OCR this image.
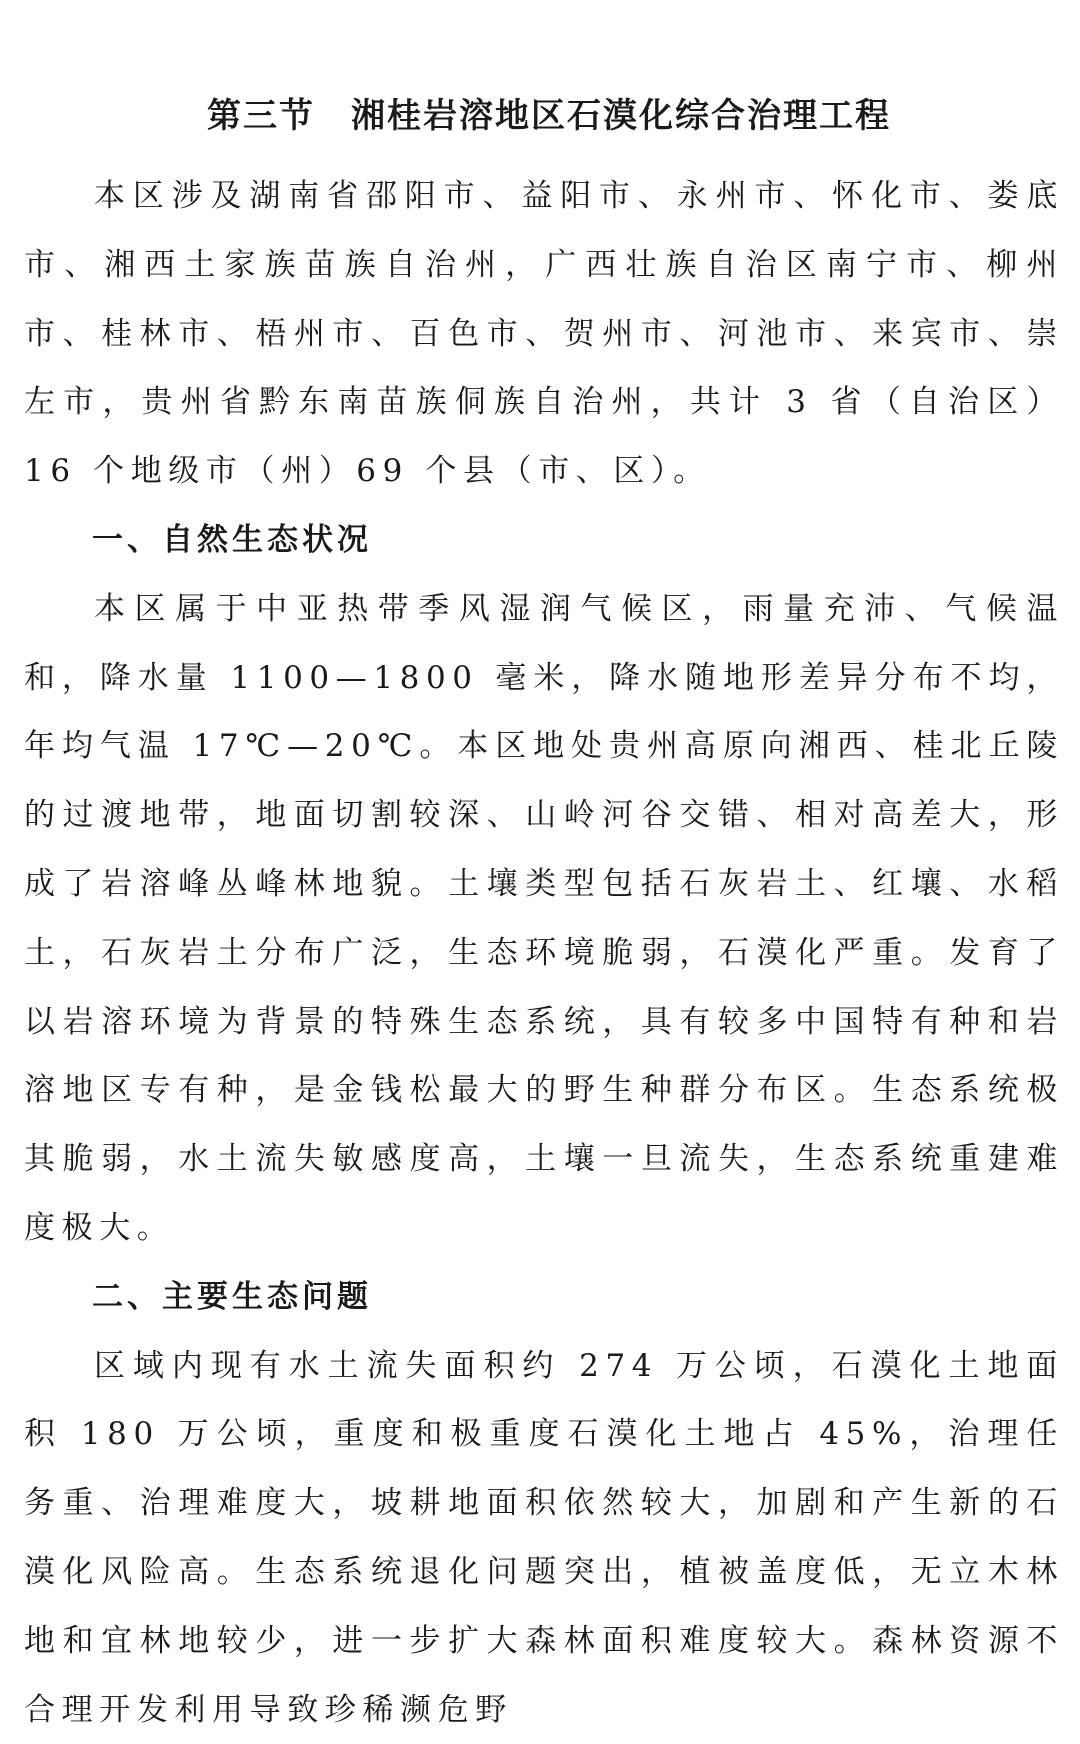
第三节　湘桂岩溶地区石漠化综合治理工程

本区涉及湖南省邵阳市、益阳市、永州市、怀化市、娄底市、湘西土家族苗族自治州，广西壮族自治区南宁市、柳州市、桂林市、梧州市、百色市、贺州市、河池市、来宾市、崇左市，贵州省黔东南苗族侗族自治州，共计 3 省（自治区）16 个地级市（州）69 个县（市、区）。

一、自然生态状况

本区属于中亚热带季风湿润气候区，雨量充沛、气候温和，降水量 1100—1800 毫米，降水随地形差异分布不均，年均气温 17℃—20℃。本区地处贵州高原向湘西、桂北丘陵的过渡地带，地面切割较深、山岭河谷交错、相对高差大，形成了岩溶峰丛峰林地貌。土壤类型包括石灰岩土、红壤、水稻土，石灰岩土分布广泛，生态环境脆弱，石漠化严重。发育了以岩溶环境为背景的特殊生态系统，具有较多中国特有种和岩溶地区专有种，是金钱松最大的野生种群分布区。生态系统极其脆弱，水土流失敏感度高，土壤一旦流失，生态系统重建难度极大。

二、主要生态问题

区域内现有水土流失面积约 274 万公顷，石漠化土地面积 180 万公顷，重度和极重度石漠化土地占 45%，治理任务重、治理难度大，坡耕地面积依然较大，加剧和产生新的石漠化风险高。生态系统退化问题突出，植被盖度低，无立木林地和宜林地较少，进一步扩大森林面积难度较大。森林资源不合理开发利用导致珍稀濒危野
